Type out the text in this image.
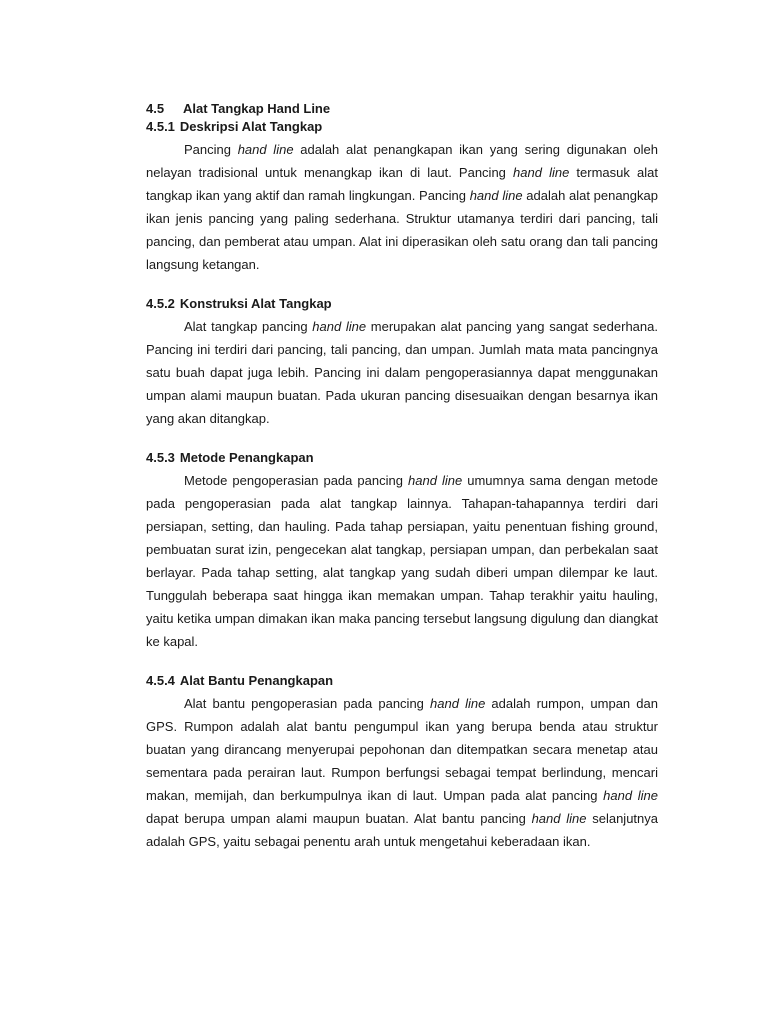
4.5 Alat Tangkap Hand Line
4.5.1 Deskripsi Alat Tangkap

Pancing hand line adalah alat penangkapan ikan yang sering digunakan oleh nelayan tradisional untuk menangkap ikan di laut. Pancing hand line termasuk alat tangkap ikan yang aktif dan ramah lingkungan. Pancing hand line adalah alat penangkap ikan jenis pancing yang paling sederhana. Struktur utamanya terdiri dari pancing, tali pancing, dan pemberat atau umpan. Alat ini diperasikan oleh satu orang dan tali pancing langsung ketangan.

4.5.2 Konstruksi Alat Tangkap

Alat tangkap pancing hand line merupakan alat pancing yang sangat sederhana. Pancing ini terdiri dari pancing, tali pancing, dan umpan. Jumlah mata mata pancingnya satu buah dapat juga lebih. Pancing ini dalam pengoperasiannya dapat menggunakan umpan alami maupun buatan. Pada ukuran pancing disesuaikan dengan besarnya ikan yang akan ditangkap.

4.5.3 Metode Penangkapan

Metode pengoperasian pada pancing hand line umumnya sama dengan metode pada pengoperasian pada alat tangkap lainnya. Tahapan-tahapannya terdiri dari persiapan, setting, dan hauling. Pada tahap persiapan, yaitu penentuan fishing ground, pembuatan surat izin, pengecekan alat tangkap, persiapan umpan, dan perbekalan saat berlayar. Pada tahap setting, alat tangkap yang sudah diberi umpan dilempar ke laut. Tunggulah beberapa saat hingga ikan memakan umpan. Tahap terakhir yaitu hauling, yaitu ketika umpan dimakan ikan maka pancing tersebut langsung digulung dan diangkat ke kapal.

4.5.4 Alat Bantu Penangkapan

Alat bantu pengoperasian pada pancing hand line adalah rumpon, umpan dan GPS. Rumpon adalah alat bantu pengumpul ikan yang berupa benda atau struktur buatan yang dirancang menyerupai pepohonan dan ditempatkan secara menetap atau sementara pada perairan laut. Rumpon berfungsi sebagai tempat berlindung, mencari makan, memijah, dan berkumpulnya ikan di laut. Umpan pada alat pancing hand line dapat berupa umpan alami maupun buatan. Alat bantu pancing hand line selanjutnya adalah GPS, yaitu sebagai penentu arah untuk mengetahui keberadaan ikan.
